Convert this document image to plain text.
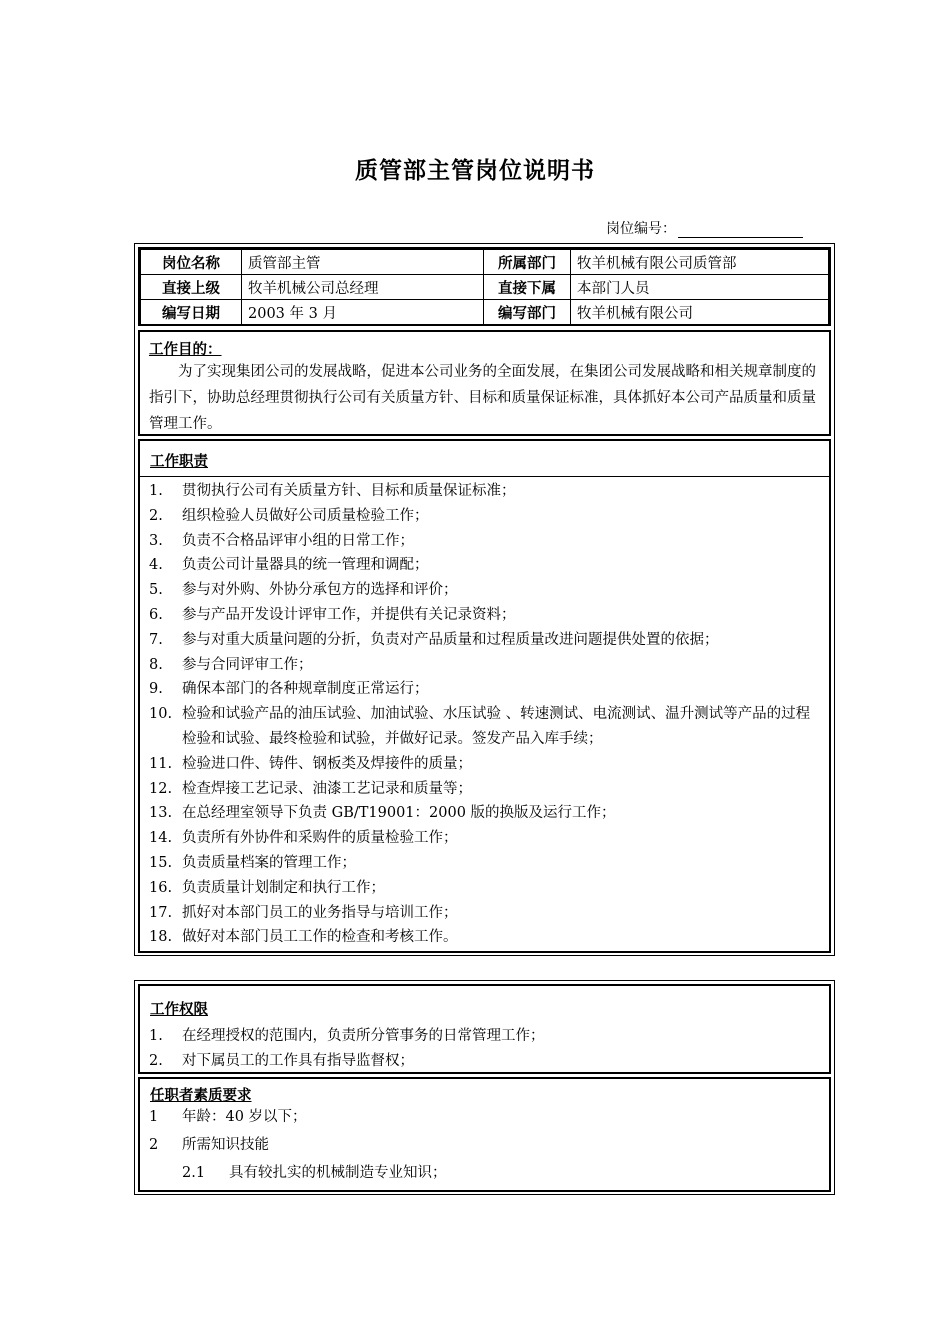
质管部主管岗位说明书
岗位编号：
岗位名称	质管部主管	所属部门	牧羊机械有限公司质管部
直接上级	牧羊机械公司总经理	直接下属	本部门人员
编写日期	2003 年 3 月	编写部门	牧羊机械有限公司
工作目的：
为了实现集团公司的发展战略，促进本公司业务的全面发展，在集团公司发展战略和相关规章制度的指引下，协助总经理贯彻执行公司有关质量方针、目标和质量保证标准，具体抓好本公司产品质量和质量管理工作。
工作职责
1.	贯彻执行公司有关质量方针、目标和质量保证标准；
2.	组织检验人员做好公司质量检验工作；
3.	负责不合格品评审小组的日常工作；
4.	负责公司计量器具的统一管理和调配；
5.	参与对外购、外协分承包方的选择和评价；
6.	参与产品开发设计评审工作，并提供有关记录资料；
7.	参与对重大质量问题的分折，负责对产品质量和过程质量改进问题提供处置的依据；
8.	参与合同评审工作；
9.	确保本部门的各种规章制度正常运行；
10. 检验和试验产品的油压试验、加油试验、水压试验 、转速测试、电流测试、温升测试等产品的过程检验和试验、最终检验和试验，并做好记录。签发产品入库手续；
11. 检验进口件、铸件、钢板类及焊接件的质量；
12. 检查焊接工艺记录、油漆工艺记录和质量等；
13. 在总经理室领导下负责 GB/T19001：2000 版的换版及运行工作；
14. 负责所有外协件和采购件的质量检验工作；
15. 负责质量档案的管理工作；
16. 负责质量计划制定和执行工作；
17. 抓好对本部门员工的业务指导与培训工作；
18. 做好对本部门员工工作的检查和考核工作。
工作权限
1.	在经理授权的范围内，负责所分管事务的日常管理工作；
2.	对下属员工的工作具有指导监督权；
任职者素质要求
1	年龄：40 岁以下；
2	所需知识技能
2.1	具有较扎实的机械制造专业知识；
